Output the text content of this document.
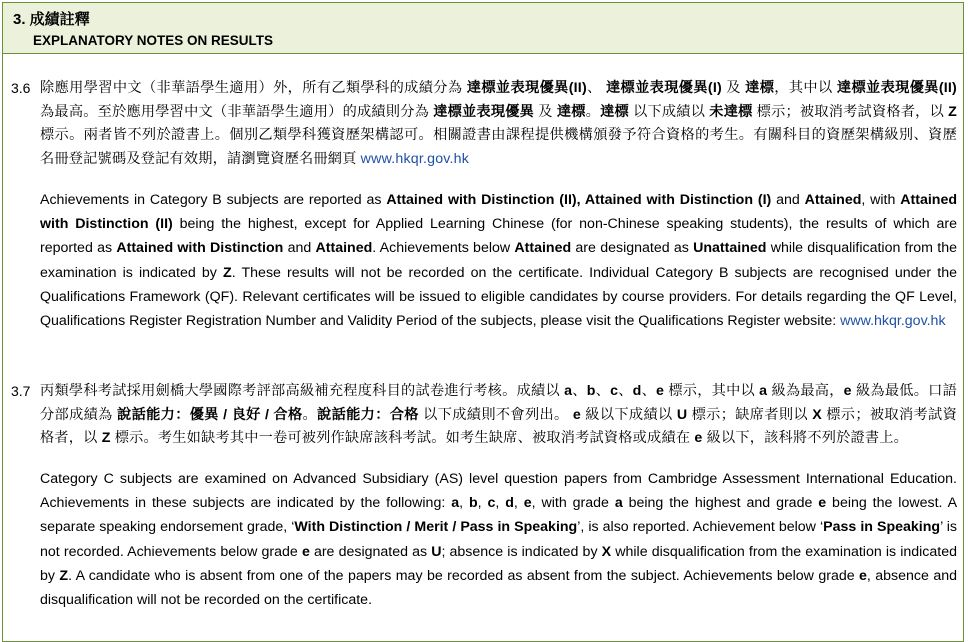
3. 成績註釋
EXPLANATORY NOTES ON RESULTS
3.6 除應用學習中文（非華語學生適用）外，所有乙類學科的成績分為 達標並表現優異(II)、 達標並表現優異(I) 及 達標，其中以 達標並表現優異(II) 為最高。至於應用學習中文（非華語學生適用）的成績則分為 達標並表現優異 及 達標。達標 以下成績以 未達標 標示；被取消考試資格者，以 Z 標示。兩者皆不列於證書上。個別乙類學科獲資歷架構認可。相關證書由課程提供機構頒發予符合資格的考生。有關科目的資歷架構級別、資歷名冊登記號碼及登記有效期，請瀏覽資歷名冊網頁 www.hkqr.gov.hk
Achievements in Category B subjects are reported as Attained with Distinction (II), Attained with Distinction (I) and Attained, with Attained with Distinction (II) being the highest, except for Applied Learning Chinese (for non-Chinese speaking students), the results of which are reported as Attained with Distinction and Attained. Achievements below Attained are designated as Unattained while disqualification from the examination is indicated by Z. These results will not be recorded on the certificate. Individual Category B subjects are recognised under the Qualifications Framework (QF). Relevant certificates will be issued to eligible candidates by course providers. For details regarding the QF Level, Qualifications Register Registration Number and Validity Period of the subjects, please visit the Qualifications Register website: www.hkqr.gov.hk
3.7 丙類學科考試採用劍橋大學國際考評部高級補充程度科目的試卷進行考核。成績以 a、b、c、d、e 標示，其中以 a 級為最高，e 級為最低。口語分部成績為 說話能力：優異 / 良好 / 合格。說話能力：合格 以下成績則不會列出。 e 級以下成績以 U 標示；缺席者則以 X 標示；被取消考試資格者，以 Z 標示。考生如缺考其中一卷可被列作缺席該科考試。如考生缺席、被取消考試資格或成績在 e 級以下，該科將不列於證書上。
Category C subjects are examined on Advanced Subsidiary (AS) level question papers from Cambridge Assessment International Education. Achievements in these subjects are indicated by the following: a, b, c, d, e, with grade a being the highest and grade e being the lowest. A separate speaking endorsement grade, ‘With Distinction / Merit / Pass in Speaking’, is also reported. Achievement below ‘Pass in Speaking’ is not recorded. Achievements below grade e are designated as U; absence is indicated by X while disqualification from the examination is indicated by Z. A candidate who is absent from one of the papers may be recorded as absent from the subject. Achievements below grade e, absence and disqualification will not be recorded on the certificate.
